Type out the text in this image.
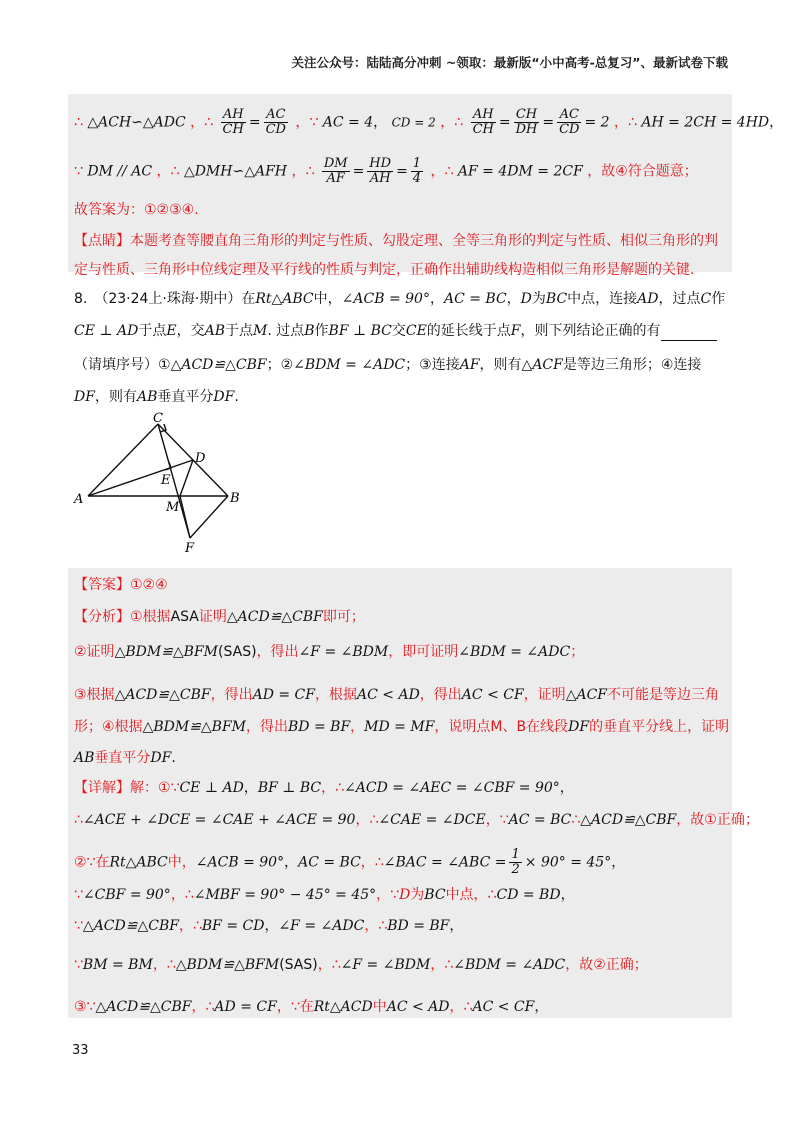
关注公众号：陆陆高分冲刺 ~领取：最新版“小中高考-总复习”、最新试卷下载
∴ △ACH∽△ADC ，∴ $\frac{AH}{CH} = \frac{AC}{CD}$ ，∵ AC = 4， CD = 2 ，∴ $\frac{AH}{CH} = \frac{CH}{DH} = \frac{AC}{CD} = 2$ ，∴ AH = 2CH = 4HD，
∵ DM // AC ，∴ △DMH∽△AFH ，∴ $\frac{DM}{AF} = \frac{HD}{AH} = \frac{1}{4}$ ，∴ AF = 4DM = 2CF ，故④符合题意；
故答案为：①②③④.
【点睛】本题考查等腰直角三角形的判定与性质、勾股定理、全等三角形的判定与性质、相似三角形的判
定与性质、三角形中位线定理及平行线的性质与判定，正确作出辅助线构造相似三角形是解题的关键.
8.　（23·24上·珠海·期中）在Rt△ABC中，∠ACB = 90°，AC = BC，D为BC中点，连接AD，过点C作
CE ⊥ AD于点E，交AB于点M. 过点B作BF ⊥ BC交CE的延长线于点F，则下列结论正确的有
（请填序号）①△ACD≌△CBF；②∠BDM = ∠ADC；③连接AF，则有△ACF是等边三角形；④连接
DF，则有AB垂直平分DF.
C
D
E
A	B
M
F
【答案】①②④
【分析】①根据ASA证明△ACD≌△CBF即可；
②证明△BDM≌△BFM(SAS)，得出∠F = ∠BDM，即可证明∠BDM = ∠ADC；
③根据△ACD≌△CBF，得出AD = CF，根据AC < AD，得出AC < CF，证明△ACF不可能是等边三角
形；④根据△BDM≌△BFM，得出BD = BF，MD = MF，说明点M、B在线段DF的垂直平分线上，证明
AB垂直平分DF.
【详解】解：①∵CE ⊥ AD，BF ⊥ BC，∴∠ACD = ∠AEC = ∠CBF = 90°，
∴∠ACE + ∠DCE = ∠CAE + ∠ACE = 90，∴∠CAE = ∠DCE，∵AC = BC∴△ACD≌△CBF，故①正确；
②∵在Rt△ABC中，∠ACB = 90°，AC = BC，∴∠BAC = ∠ABC = $\frac{1}{2} \times 90^\circ = 45^\circ$，
∵∠CBF = 90°，∴∠MBF = 90° − 45° = 45°，∵D为BC中点，∴CD = BD，
∵△ACD≌△CBF，∴BF = CD，∠F = ∠ADC，∴BD = BF，
∵BM = BM，∴△BDM≌△BFM(SAS)，∴∠F = ∠BDM，∴∠BDM = ∠ADC，故②正确；
③∵△ACD≌△CBF，∴AD = CF，∵在Rt△ACD中AC < AD，∴AC < CF，
33
